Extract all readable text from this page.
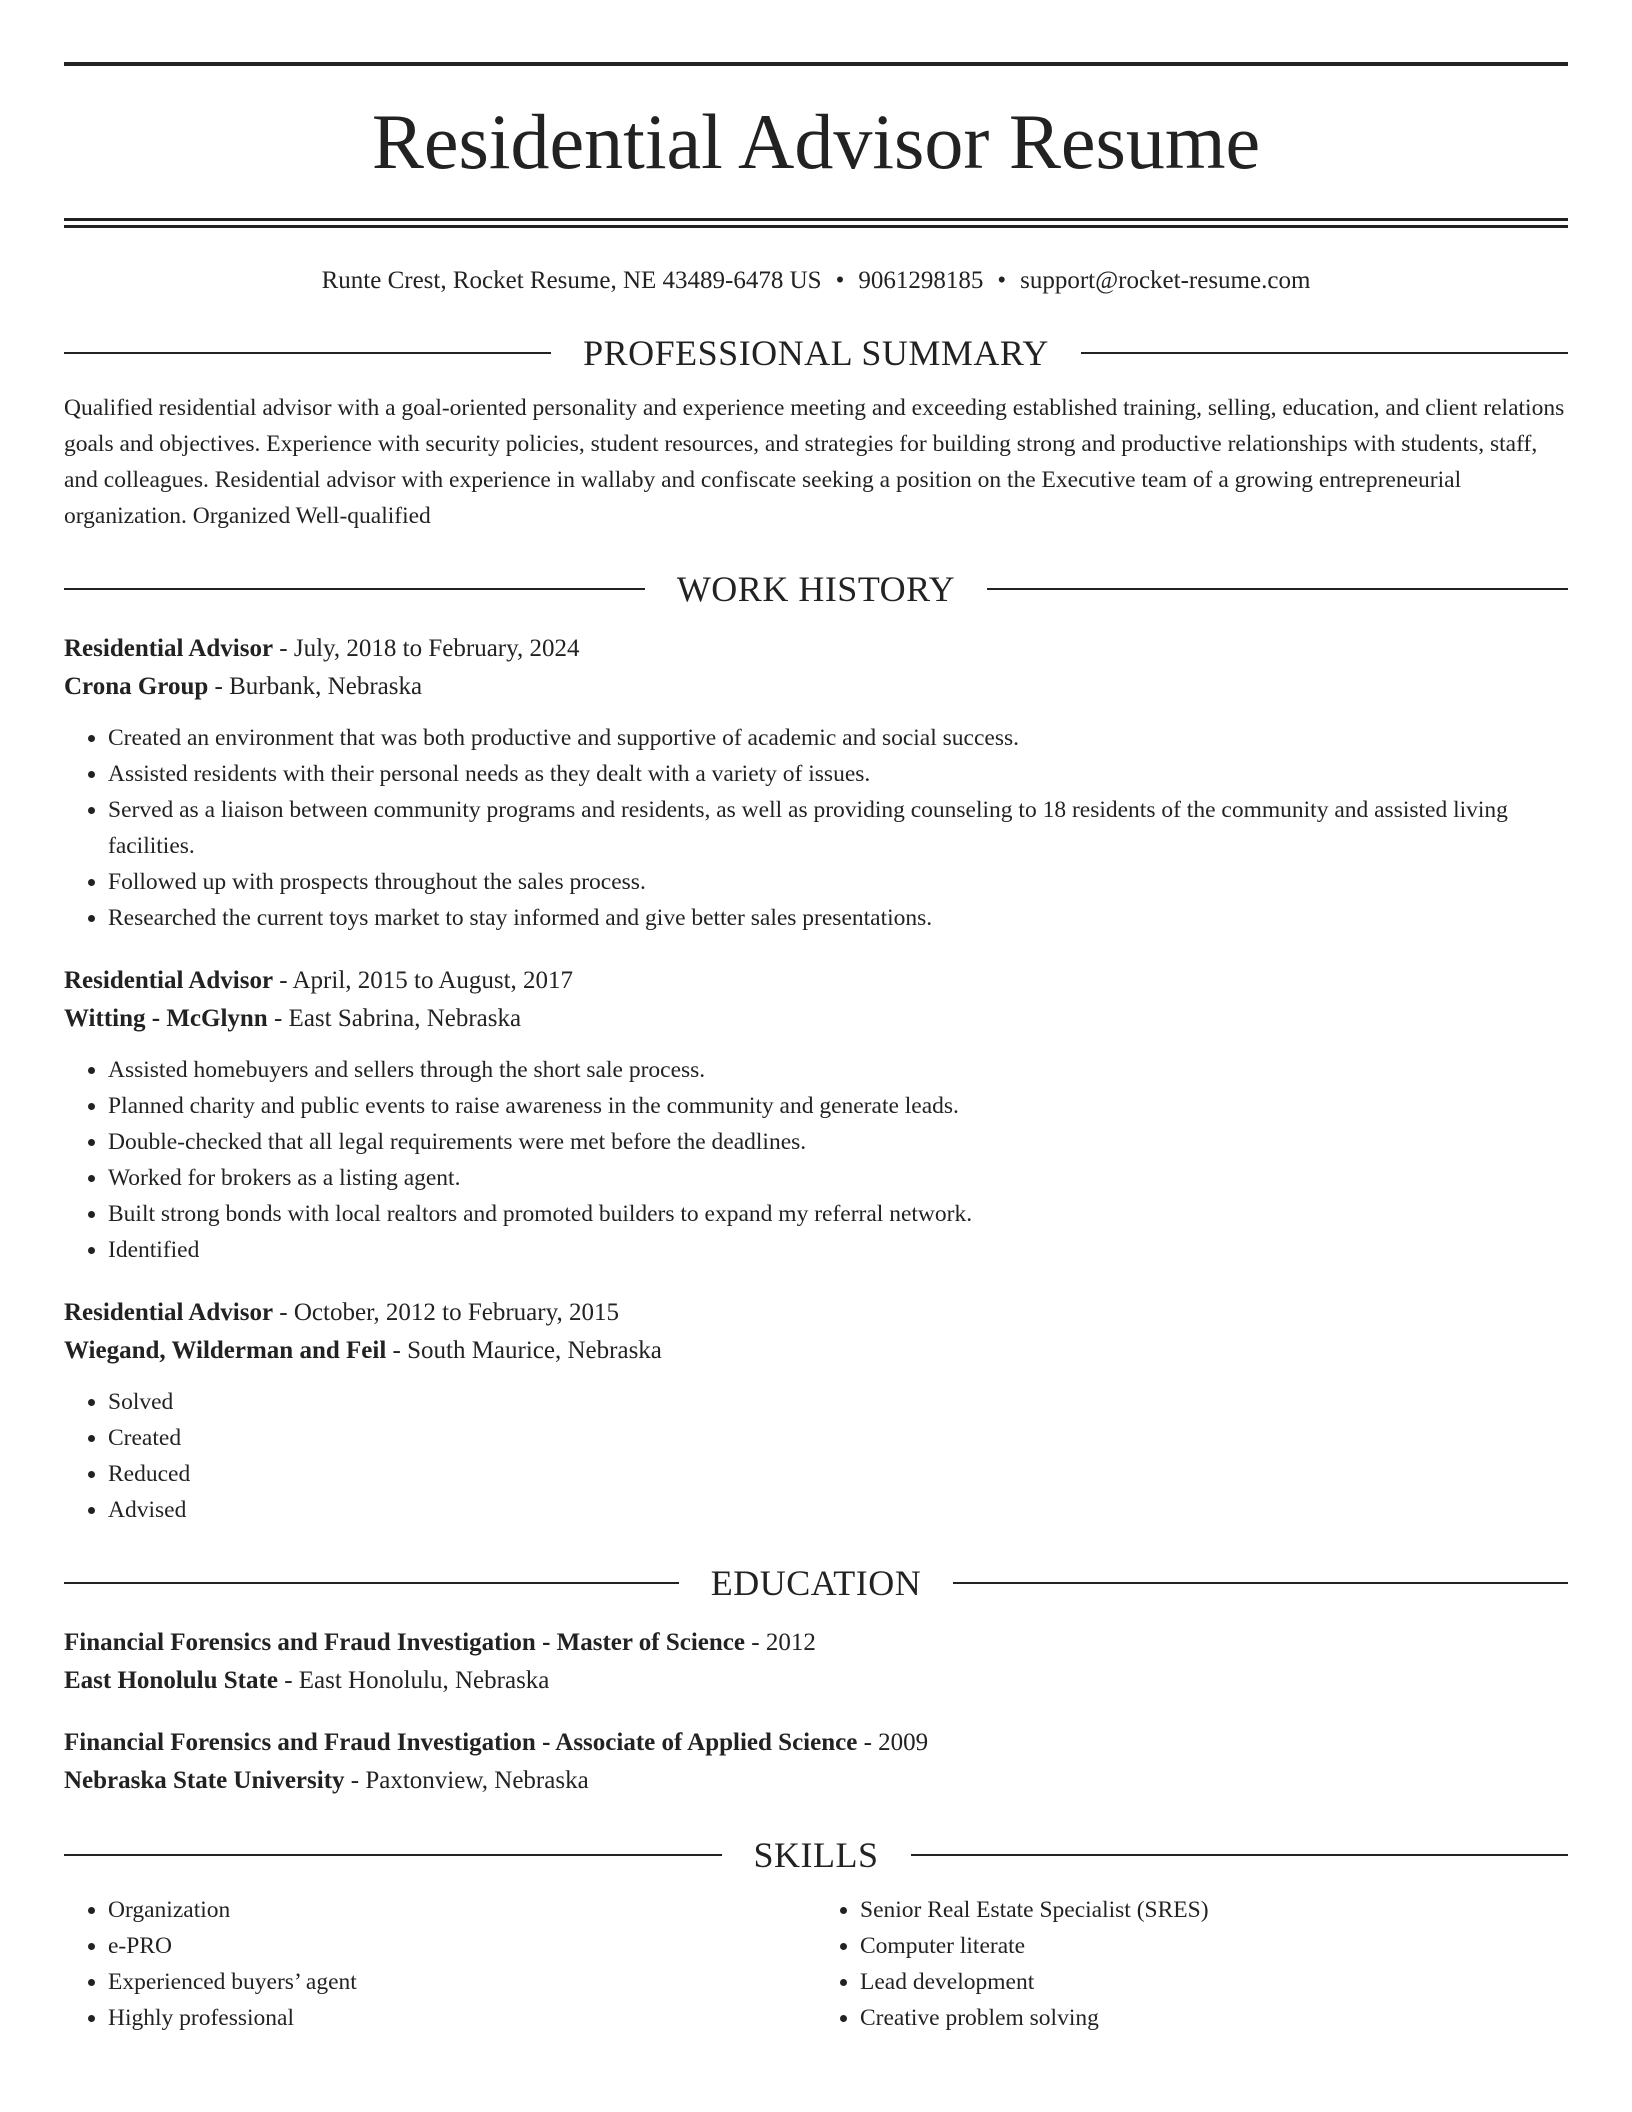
Residential Advisor Resume
Runte Crest, Rocket Resume, NE 43489-6478 US • 9061298185 • support@rocket-resume.com
PROFESSIONAL SUMMARY

Qualified residential advisor with a goal-oriented personality and experience meeting and exceeding established training, selling, education, and client relations goals and objectives. Experience with security policies, student resources, and strategies for building strong and productive relationships with students, staff, and colleagues. Residential advisor with experience in wallaby and confiscate seeking a position on the Executive team of a growing entrepreneurial organization. Organized Well-qualified

WORK HISTORY
Residential Advisor - July, 2018 to February, 2024
Crona Group - Burbank, Nebraska
• Created an environment that was both productive and supportive of academic and social success.
• Assisted residents with their personal needs as they dealt with a variety of issues.
• Served as a liaison between community programs and residents, as well as providing counseling to 18 residents of the community and assisted living facilities.
• Followed up with prospects throughout the sales process.
• Researched the current toys market to stay informed and give better sales presentations.
Residential Advisor - April, 2015 to August, 2017
Witting - McGlynn - East Sabrina, Nebraska
• Assisted homebuyers and sellers through the short sale process.
• Planned charity and public events to raise awareness in the community and generate leads.
• Double-checked that all legal requirements were met before the deadlines.
• Worked for brokers as a listing agent.
• Built strong bonds with local realtors and promoted builders to expand my referral network.
• Identified
Residential Advisor - October, 2012 to February, 2015
Wiegand, Wilderman and Feil - South Maurice, Nebraska
• Solved
• Created
• Reduced
• Advised
EDUCATION
Financial Forensics and Fraud Investigation - Master of Science - 2012
East Honolulu State - East Honolulu, Nebraska
Financial Forensics and Fraud Investigation - Associate of Applied Science - 2009
Nebraska State University - Paxtonview, Nebraska
SKILLS
• Organization
• e-PRO
• Experienced buyers’ agent
• Highly professional
• Senior Real Estate Specialist (SRES)
• Computer literate
• Lead development
• Creative problem solving
